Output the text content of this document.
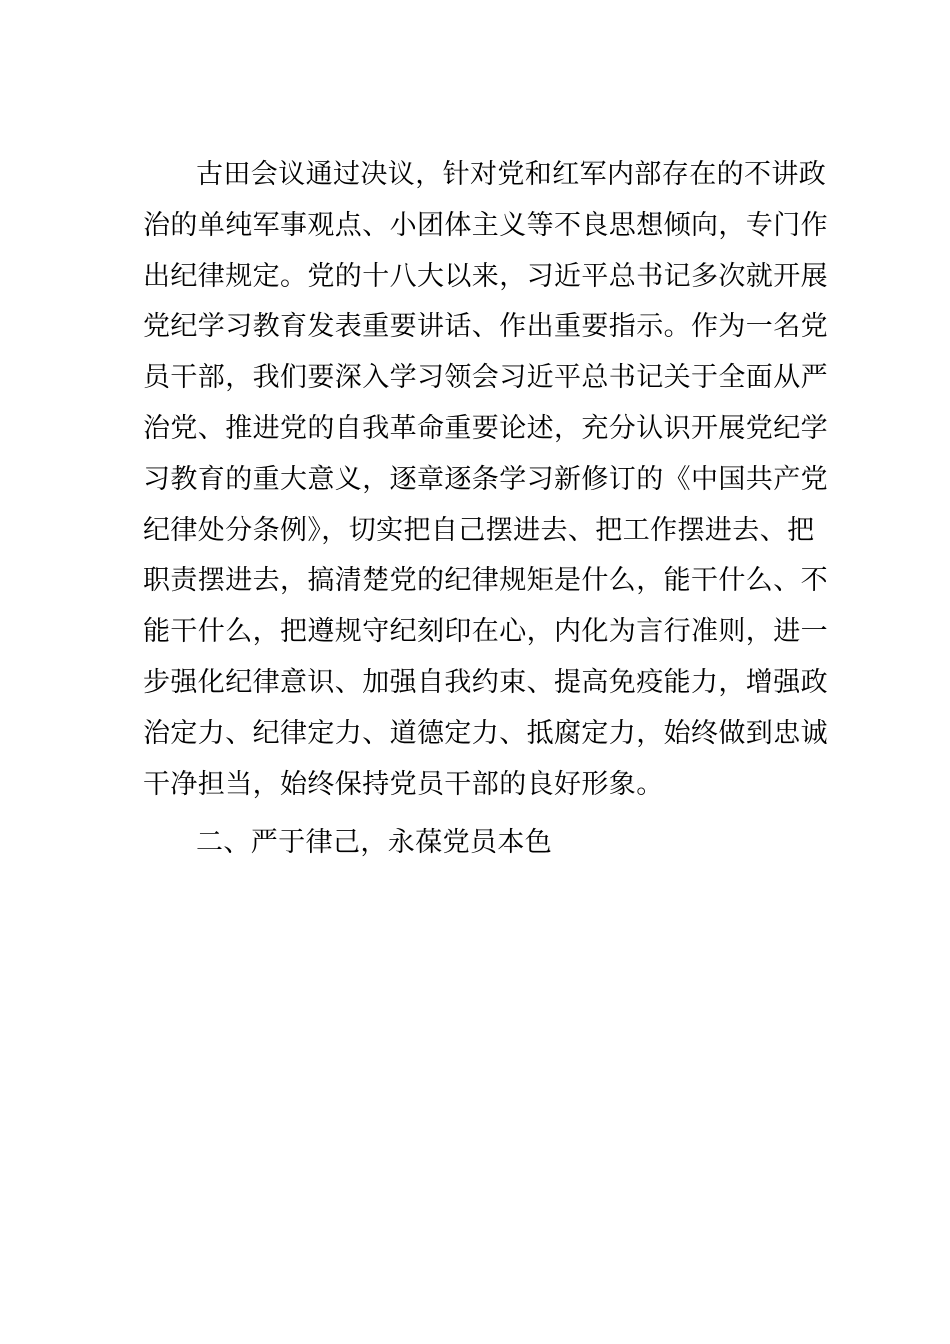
古田会议通过决议，针对党和红军内部存在的不讲政
治的单纯军事观点、小团体主义等不良思想倾向，专门作
出纪律规定。党的十八大以来，习近平总书记多次就开展
党纪学习教育发表重要讲话、作出重要指示。作为一名党
员干部，我们要深入学习领会习近平总书记关于全面从严
治党、推进党的自我革命重要论述，充分认识开展党纪学
习教育的重大意义，逐章逐条学习新修订的《中国共产党
纪律处分条例》，切实把自己摆进去、把工作摆进去、把
职责摆进去，搞清楚党的纪律规矩是什么，能干什么、不
能干什么，把遵规守纪刻印在心，内化为言行准则，进一
步强化纪律意识、加强自我约束、提高免疫能力，增强政
治定力、纪律定力、道德定力、抵腐定力，始终做到忠诚
干净担当，始终保持党员干部的良好形象。
二、严于律己，永葆党员本色
